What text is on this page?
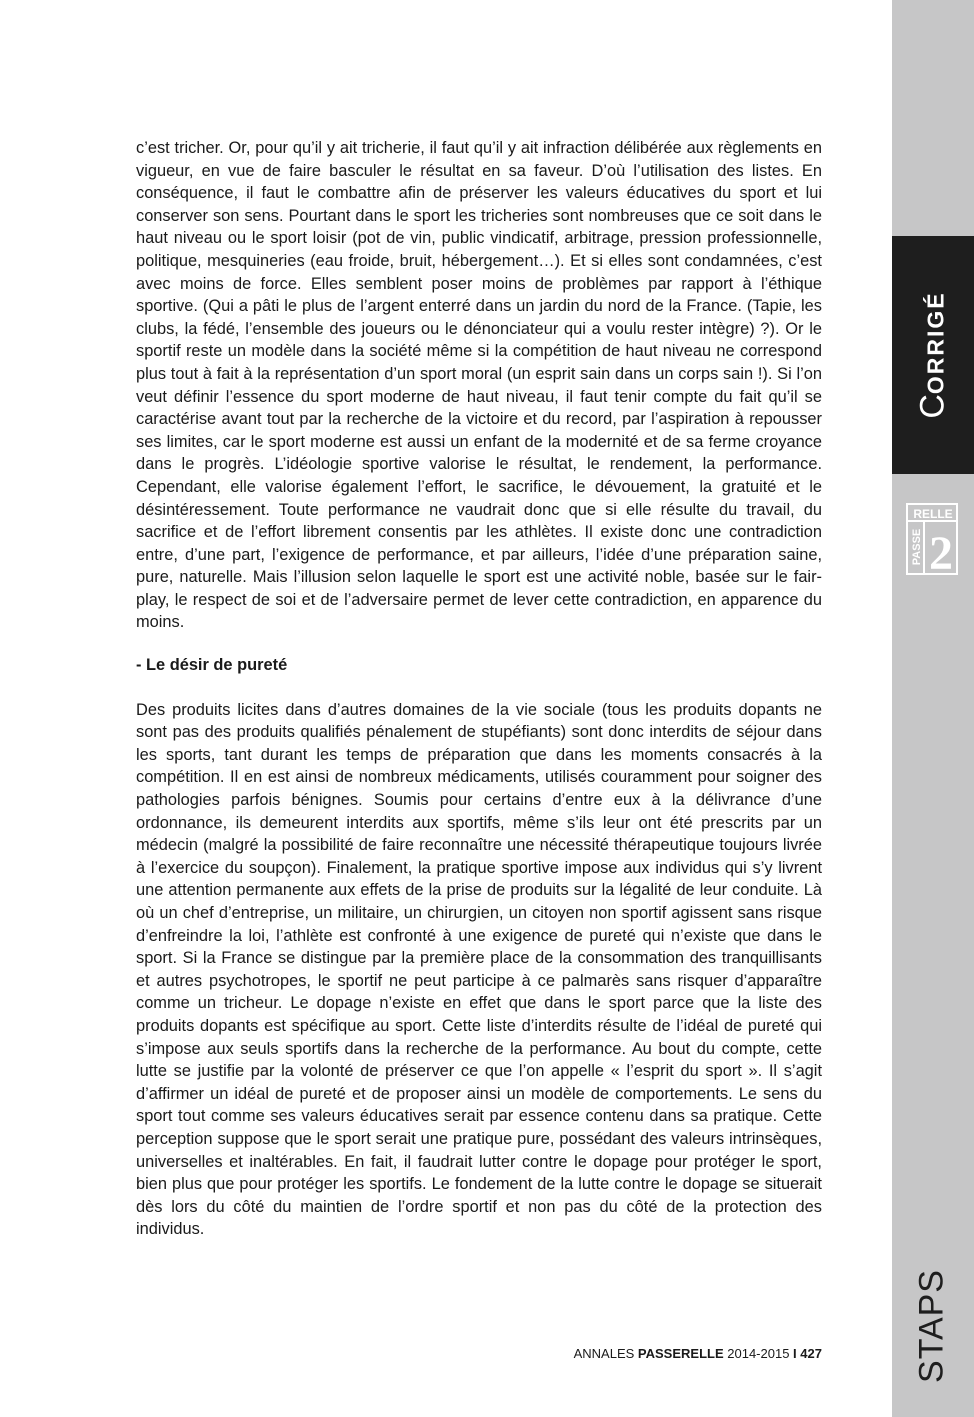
c’est tricher. Or, pour qu’il y ait tricherie, il faut qu’il y ait infraction délibérée aux règlements en vigueur, en vue de faire basculer le résultat en sa faveur. D’où l’utilisation des listes. En conséquence, il faut le combattre afin de préserver les valeurs éducatives du sport et lui conserver son sens. Pourtant dans le sport les tricheries sont nombreuses que ce soit dans le haut niveau ou le sport loisir (pot de vin, public vindicatif, arbitrage, pression professionnelle, politique, mesquineries (eau froide, bruit, hébergement…). Et si elles sont condamnées, c’est avec moins de force. Elles semblent poser moins de problèmes par rapport à l’éthique sportive. (Qui a pâti le plus de l’argent enterré dans un jardin du nord de la France. (Tapie, les clubs, la fédé, l’ensemble des joueurs ou le dénonciateur qui a voulu rester intègre) ?). Or le sportif reste un modèle dans la société même si la compétition de haut niveau ne correspond plus tout à fait à la représentation d’un sport moral (un esprit sain dans un corps sain !). Si l’on veut définir l’essence du sport moderne de haut niveau, il faut tenir compte du fait qu’il se caractérise avant tout par la recherche de la victoire et du record, par l’aspiration à repousser ses limites, car le sport moderne est aussi un enfant de la modernité et de sa ferme croyance dans le progrès. L’idéologie sportive valorise le résultat, le rendement, la performance. Cependant, elle valorise également l’effort, le sacrifice, le dévouement, la gratuité et le désintéressement. Toute performance ne vaudrait donc que si elle résulte du travail, du sacrifice et de l’effort librement consentis par les athlètes. Il existe donc une contradiction entre, d’une part, l’exigence de performance, et par ailleurs, l’idée d’une préparation saine, pure, naturelle. Mais l’illusion selon laquelle le sport est une activité noble, basée sur le fair-play, le respect de soi et de l’adversaire permet de lever cette contradiction, en apparence du moins.

- Le désir de pureté

Des produits licites dans d’autres domaines de la vie sociale (tous les produits dopants ne sont pas des produits qualifiés pénalement de stupéfiants) sont donc interdits de séjour dans les sports, tant durant les temps de préparation que dans les moments consacrés à la compétition. Il en est ainsi de nombreux médicaments, utilisés couramment pour soigner des pathologies parfois bénignes. Soumis pour certains d’entre eux à la délivrance d’une ordonnance, ils demeurent interdits aux sportifs, même s’ils leur ont été prescrits par un médecin (malgré la possibilité de faire reconnaître une nécessité thérapeutique toujours livrée à l’exercice du soupçon). Finalement, la pratique sportive impose aux individus qui s’y livrent une attention permanente aux effets de la prise de produits sur la légalité de leur conduite. Là où un chef d’entreprise, un militaire, un chirurgien, un citoyen non sportif agissent sans risque d’enfreindre la loi, l’athlète est confronté à une exigence de pureté qui n’existe que dans le sport. Si la France se distingue par la première place de la consommation des tranquillisants et autres psychotropes, le sportif ne peut participe à ce palmarès sans risquer d’apparaître comme un tricheur. Le dopage n’existe en effet que dans le sport parce que la liste des produits dopants est spécifique au sport. Cette liste d’interdits résulte de l’idéal de pureté qui s’impose aux seuls sportifs dans la recherche de la performance. Au bout du compte, cette lutte se justifie par la volonté de préserver ce que l’on appelle « l’esprit du sport ». Il s’agit d’affirmer un idéal de pureté et de proposer ainsi un modèle de comportements. Le sens du sport tout comme ses valeurs éducatives serait par essence contenu dans sa pratique. Cette perception suppose que le sport serait une pratique pure, possédant des valeurs intrinsèques, universelles et inaltérables. En fait, il faudrait lutter contre le dopage pour protéger le sport, bien plus que pour protéger les sportifs. Le fondement de la lutte contre le dopage se situerait dès lors du côté du maintien de l’ordre sportif et non pas du côté de la protection des individus.

CORRIGÉ
RELLE
PASSE 2
STAPS
ANNALES PASSERELLE 2014-2015 I 427
